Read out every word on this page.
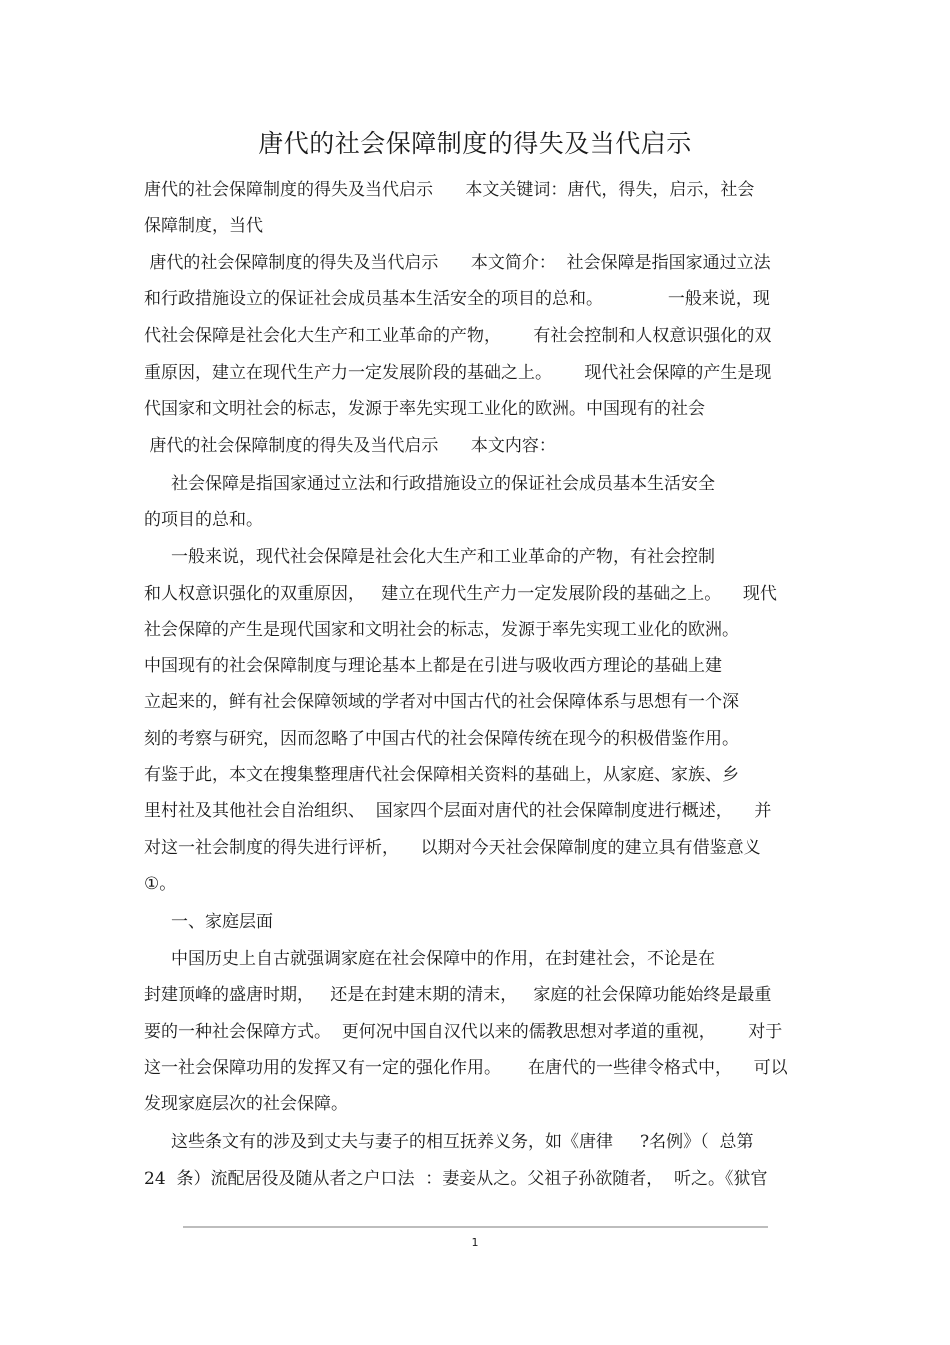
唐代的社会保障制度的得失及当代启示
唐代的社会保障制度的得失及当代启示      本文关键词：唐代，得失，启示，社会
保障制度，当代
唐代的社会保障制度的得失及当代启示      本文简介：  社会保障是指国家通过立法
和行政措施设立的保证社会成员基本生活安全的项目的总和。            一般来说，现
代社会保障是社会化大生产和工业革命的产物，      有社会控制和人权意识强化的双
重原因，建立在现代生产力一定发展阶段的基础之上。      现代社会保障的产生是现
代国家和文明社会的标志，发源于率先实现工业化的欧洲。中国现有的社会
唐代的社会保障制度的得失及当代启示      本文内容：
社会保障是指国家通过立法和行政措施设立的保证社会成员基本生活安全
的项目的总和。
一般来说，现代社会保障是社会化大生产和工业革命的产物，有社会控制
和人权意识强化的双重原因，   建立在现代生产力一定发展阶段的基础之上。    现代
社会保障的产生是现代国家和文明社会的标志，发源于率先实现工业化的欧洲。
中国现有的社会保障制度与理论基本上都是在引进与吸收西方理论的基础上建
立起来的，鲜有社会保障领域的学者对中国古代的社会保障体系与思想有一个深
刻的考察与研究，因而忽略了中国古代的社会保障传统在现今的积极借鉴作用。
有鉴于此，本文在搜集整理唐代社会保障相关资料的基础上，从家庭、家族、乡
里村社及其他社会自治组织、  国家四个层面对唐代的社会保障制度进行概述，    并
对这一社会制度的得失进行评析，    以期对今天社会保障制度的建立具有借鉴意义
①。
一、家庭层面
中国历史上自古就强调家庭在社会保障中的作用，在封建社会，不论是在
封建顶峰的盛唐时期，   还是在封建末期的清末，   家庭的社会保障功能始终是最重
要的一种社会保障方式。  更何况中国自汉代以来的儒教思想对孝道的重视，      对于
这一社会保障功用的发挥又有一定的强化作用。     在唐代的一些律令格式中，    可以
发现家庭层次的社会保障。
这些条文有的涉及到丈夫与妻子的相互抚养义务，如《唐律     ?名例》（  总第
24  条）流配居役及随从者之户口法  ：妻妾从之。父祖子孙欲随者，  听之。《狱官
1
